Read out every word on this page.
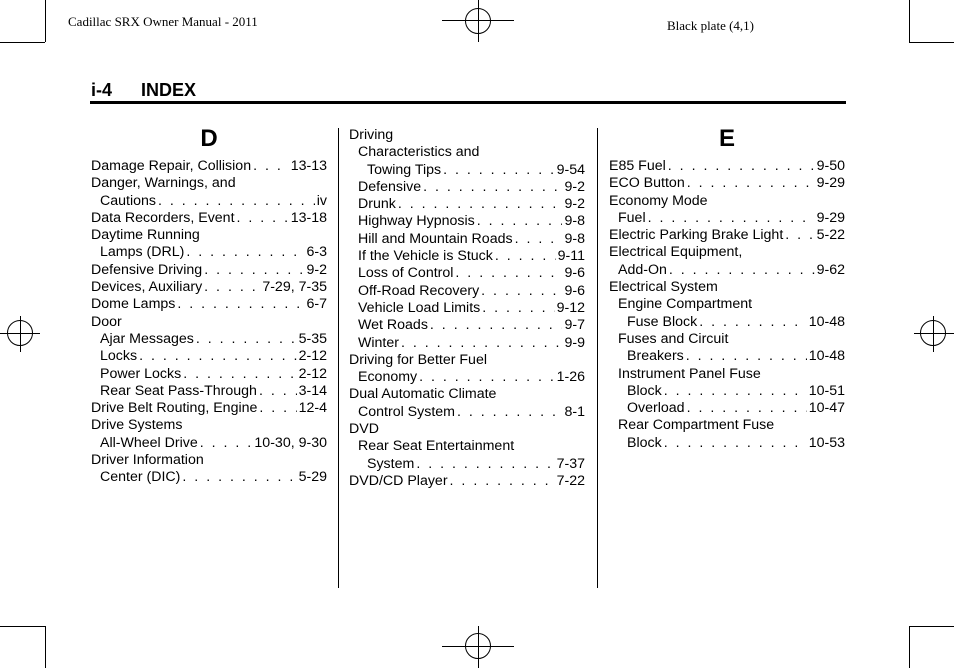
Cadillac SRX Owner Manual - 2011	Black plate (4,1)
i-4 INDEX
D
Damage Repair, Collision . . .	13-13
Danger, Warnings, and
Cautions . . .	iv
Data Recorders, Event . . .	13-18
Daytime Running
Lamps (DRL) . . .	6-3
Defensive Driving . . .	9-2
Devices, Auxiliary . . .	7-29, 7-35
Dome Lamps . . .	6-7
Door
Ajar Messages . . .	5-35
Locks . . .	2-12
Power Locks . . .	2-12
Rear Seat Pass-Through . . .	3-14
Drive Belt Routing, Engine . . .	12-4
Drive Systems
All-Wheel Drive . . .	10-30, 9-30
Driver Information
Center (DIC) . . .	5-29
Driving
Characteristics and
Towing Tips . . .	9-54
Defensive . . .	9-2
Drunk . . .	9-2
Highway Hypnosis . . .	9-8
Hill and Mountain Roads . . .	9-8
If the Vehicle is Stuck . . .	9-11
Loss of Control . . .	9-6
Off-Road Recovery . . .	9-6
Vehicle Load Limits . . .	9-12
Wet Roads . . .	9-7
Winter . . .	9-9
Driving for Better Fuel
Economy . . .	1-26
Dual Automatic Climate
Control System . . .	8-1
DVD
Rear Seat Entertainment
System . . .	7-37
DVD/CD Player . . .	7-22
E
E85 Fuel . . .	9-50
ECO Button . . .	9-29
Economy Mode
Fuel . . .	9-29
Electric Parking Brake Light . . . 5-22
Electrical Equipment,
Add-On . . .	9-62
Electrical System
Engine Compartment
Fuse Block . . .	10-48
Fuses and Circuit
Breakers . . .	10-48
Instrument Panel Fuse
Block . . .	10-51
Overload . . .	10-47
Rear Compartment Fuse
Block . . .	10-53
